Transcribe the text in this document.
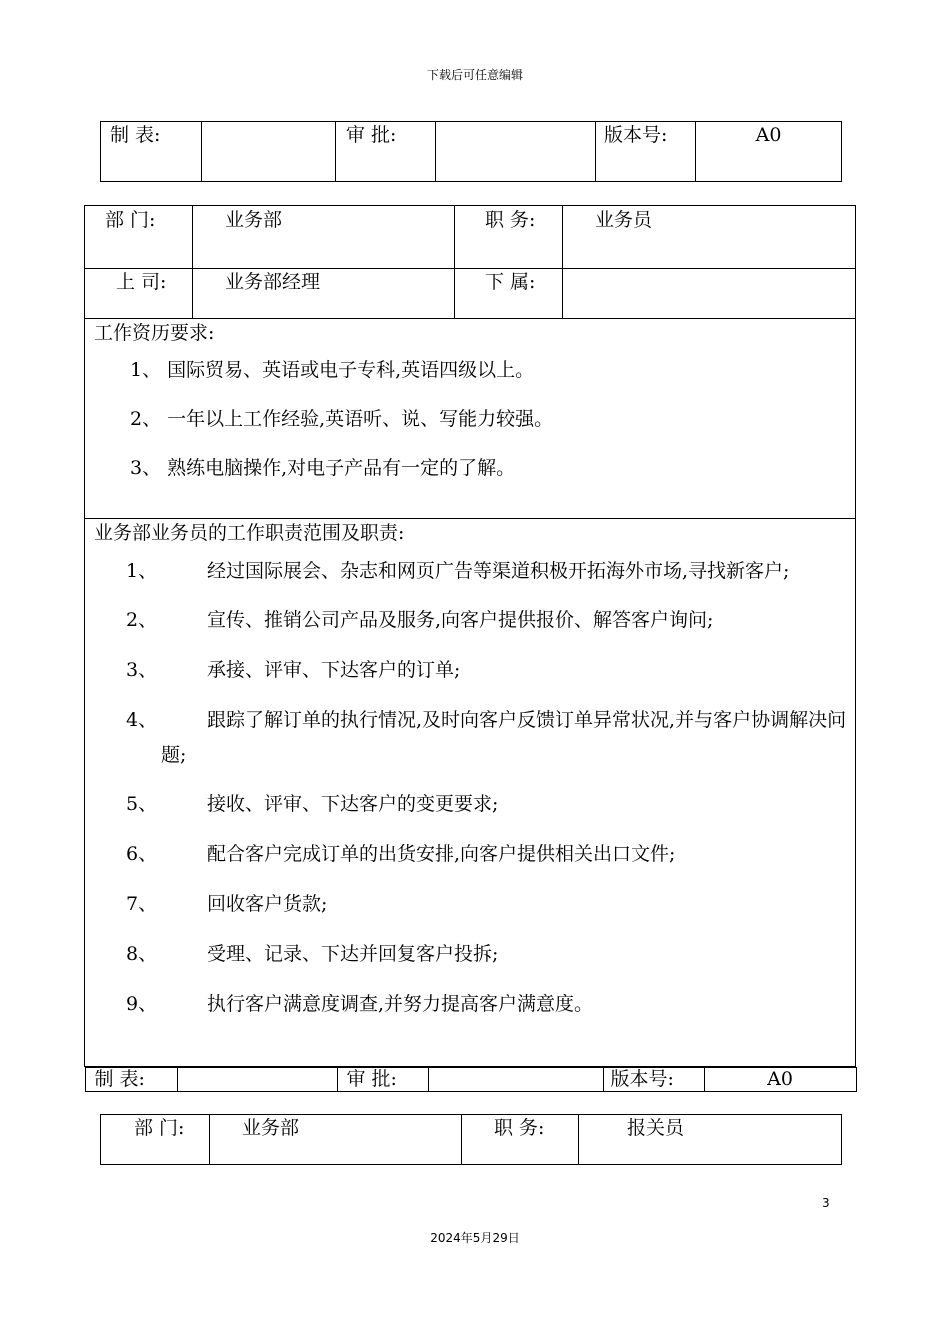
下载后可任意编辑
制 表:		审 批:		版本号:	A0
部 门:	业务部	职 务:	业务员
上 司:	业务部经理	下 属:	

工作资历要求:
1、 国际贸易、英语或电子专科,英语四级以上。
2、 一年以上工作经验,英语听、说、写能力较强。
3、 熟练电脑操作,对电子产品有一定的了解。

业务部业务员的工作职责范围及职责:
1、	经过国际展会、杂志和网页广告等渠道积极开拓海外市场,寻找新客户;
2、	宣传、推销公司产品及服务,向客户提供报价、解答客户询问;
3、	承接、评审、下达客户的订单;
4、	跟踪了解订单的执行情况,及时向客户反馈订单异常状况,并与客户协调解决问题;
5、	接收、评审、下达客户的变更要求;
6、	配合客户完成订单的出货安排,向客户提供相关出口文件;
7、	回收客户货款;
8、	受理、记录、下达并回复客户投拆;
9、	执行客户满意度调查,并努力提高客户满意度。

制 表:		审 批:		版本号:	A0
部 门:	业务部	职 务:	报关员
3
2024年5月29日
